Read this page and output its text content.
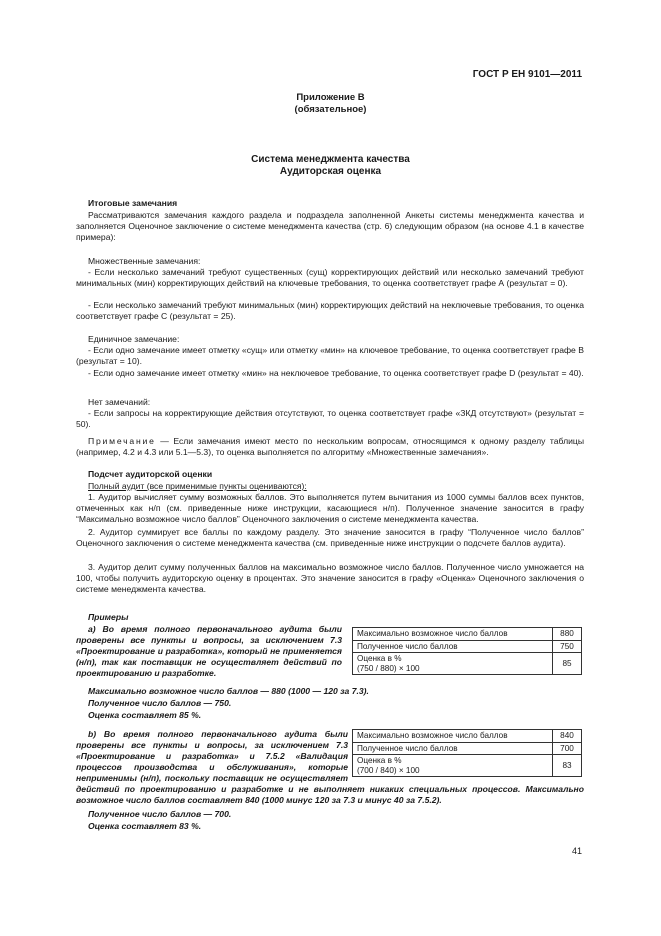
ГОСТ Р ЕН 9101—2011
Приложение В
(обязательное)
Система менеджмента качества
Аудиторская оценка
Итоговые замечания
Рассматриваются замечания каждого раздела и подраздела заполненной Анкеты системы менеджмента качества и заполняется Оценочное заключение о системе менеджмента качества (стр. 6) следующим образом (на основе 4.1 в качестве примера):
Множественные замечания:
- Если несколько замечаний требуют существенных (сущ) корректирующих действий или несколько замечаний требуют минимальных (мин) корректирующих действий на ключевые требования, то оценка соответствует графе А (результат = 0).
- Если несколько замечаний требуют минимальных (мин) корректирующих действий на неключевые требования, то оценка соответствует графе С (результат = 25).
Единичное замечание:
- Если одно замечание имеет отметку «сущ» или отметку «мин» на ключевое требование, то оценка соответствует графе В (результат = 10).
- Если одно замечание имеет отметку «мин» на неключевое требование, то оценка соответствует графе D (результат = 40).
Нет замечаний:
- Если запросы на корректирующие действия отсутствуют, то оценка соответствует графе «ЗКД отсутствуют» (результат = 50).
Примечание — Если замечания имеют место по нескольким вопросам, относящимся к одному разделу таблицы (например, 4.2 и 4.3 или 5.1—5.3), то оценка выполняется по алгоритму «Множественные замечания».
Подсчет аудиторской оценки
Полный аудит (все применимые пункты оцениваются):
1. Аудитор вычисляет сумму возможных баллов. Это выполняется путем вычитания из 1000 суммы баллов всех пунктов, отмеченных как н/п (см. приведенные ниже инструкции, касающиеся н/п). Полученное значение заносится в графу “Максимально возможное число баллов” Оценочного заключения о системе менеджмента качества.
2. Аудитор суммирует все баллы по каждому разделу. Это значение заносится в графу “Полученное число баллов” Оценочного заключения о системе менеджмента качества (см. приведенные ниже инструкции о подсчете баллов аудита).
3. Аудитор делит сумму полученных баллов на максимально возможное число баллов. Полученное число умножается на 100, чтобы получить аудиторскую оценку в процентах. Это значение заносится в графу «Оценка» Оценочного заключения о системе менеджмента качества.
Примеры
а) Во время полного первоначального аудита были проверены все пункты и вопросы, за исключением 7.3 «Проектирование и разработка», который не применяется (н/п), так как поставщик не осуществляет действий по проектированию и разработке.
Максимально возможное число баллов — 880 (1000 — 120 за 7.3).
Полученное число баллов — 750.
Оценка составляет 85 %.
Максимально возможное число баллов	880
Полученное число баллов	750

Оценка в %
(750 / 880) × 100	85
b) Во время полного первоначального аудита были проверены все пункты и вопросы, за исключением 7.3 «Проектирование и разработка» и 7.5.2 «Валидация процессов производства и обслуживания», которые неприменимы (н/п), поскольку поставщик не осуществляет действий по проектированию и разработке и не выполняет никаких специальных процессов. Максимально возможное число баллов составляет 840 (1000 минус 120 за 7.3 и минус 40 за 7.5.2).
Полученное число баллов — 700.
Оценка составляет 83 %.
Максимально возможное число баллов	840
Полученное число баллов	700

Оценка в %
(700 / 840) × 100	83
41
